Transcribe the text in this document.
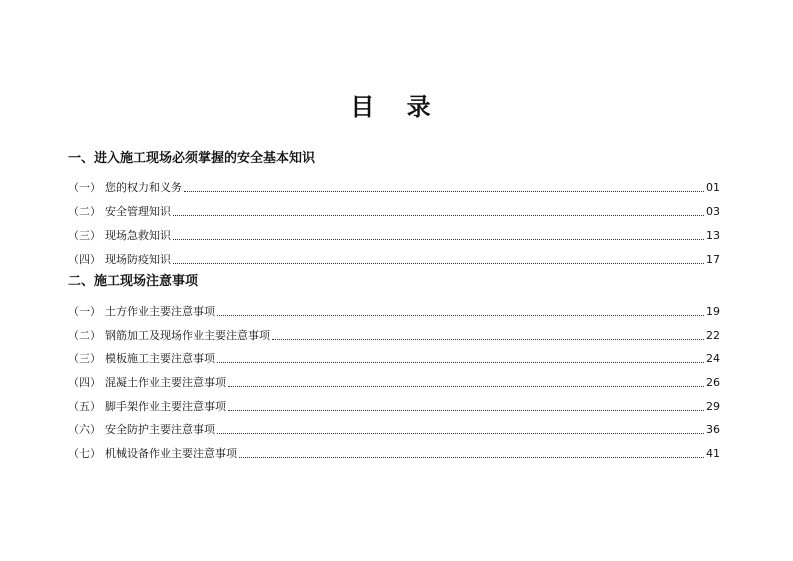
目 录
一、进入施工现场必须掌握的安全基本知识
（一） 您的权力和义务	01
（二） 安全管理知识	03
（三） 现场急救知识	13
（四） 现场防疫知识	17
二、施工现场注意事项
（一） 土方作业主要注意事项	19
（二） 钢筋加工及现场作业主要注意事项	22
（三） 模板施工主要注意事项	24
（四） 混凝土作业主要注意事项	26
（五） 脚手架作业主要注意事项	29
（六） 安全防护主要注意事项	36
（七） 机械设备作业主要注意事项	41
